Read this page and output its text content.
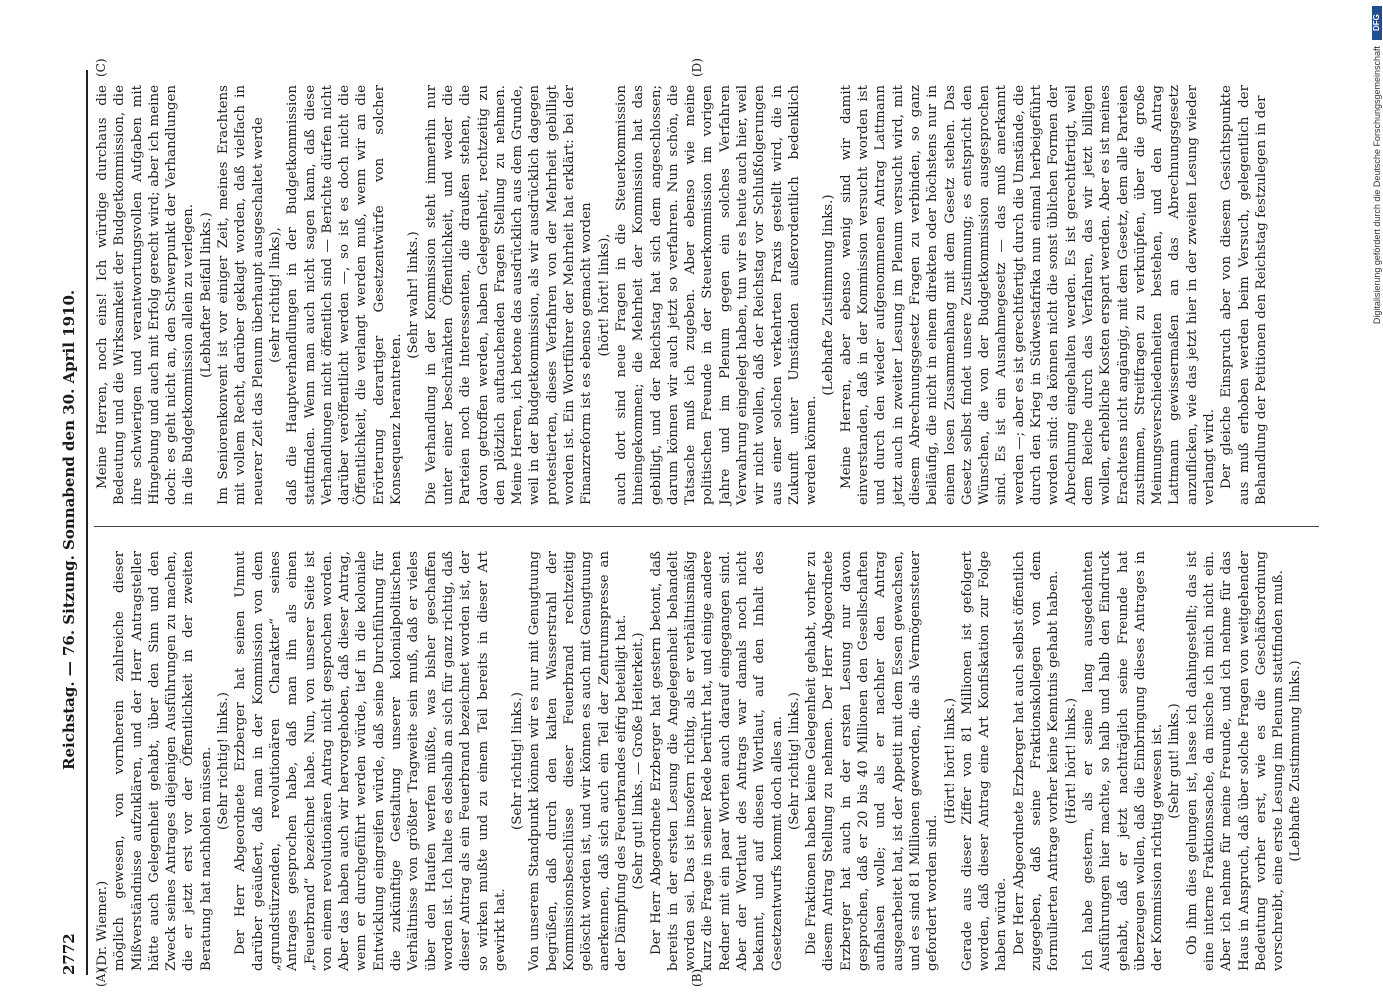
DFG
Digitalisierung gefördert durch die Deutsche Forschungsgemeinschaft
2772
Reichstag. — 76. Sitzung. Sonnabend den 30. April 1910.

(Dr. Wiemer.) möglich gewesen, von vornherein zahlreiche dieser Mißverständnisse aufzuklären, und der Herr Antragsteller hätte auch Gelegenheit gehabt, über den Sinn und den Zweck seines Antrages diejenigen Ausführungen zu machen, die er jetzt erst vor der Öffentlichkeit in der zweiten Beratung hat nachholen müssen. (Sehr richtig! links.) Der Herr Abgeordnete Erzberger hat seinen Unmut darüber geäußert, daß man in der Kommission von dem „grundstürzenden, revolutionären Charakter“ seines Antrages gesprochen habe, daß man ihn als einen „Feuerbrand“ bezeichnet habe. Nun, von unserer Seite ist von einem revolutionären Antrag nicht gesprochen worden. Aber das haben auch wir hervorgehoben, daß dieser Antrag, wenn er durchgeführt werden würde, tief in die koloniale Entwicklung eingreifen würde, daß seine Durchführung für die zukünftige Gestaltung unserer kolonialpolitischen Verhältnisse von größter Tragweite sein muß, daß er vieles über den Haufen werfen müßte, was bisher geschaffen worden ist. Ich halte es deshalb an sich für ganz richtig, daß dieser Antrag als ein Feuerbrand bezeichnet worden ist, der so wirken mußte und zu einem Teil bereits in dieser Art gewirkt hat.

(Sehr richtig! links.) Von unserem Standpunkt können wir es nur mit Genugtuung begrüßen, daß durch den kalten Wasserstrahl der Kommissionsbeschlüsse dieser Feuerbrand rechtzeitig gelöscht worden ist, und wir können es auch mit Genugtuung anerkennen, daß sich auch ein Teil der Zentrumspresse an der Dämpfung des Feuerbrandes eifrig beteiligt hat. (Sehr gut! links. — Große Heiterkeit.) Der Herr Abgeordnete Erzberger hat gestern betont, daß bereits in der ersten Lesung die Angelegenheit behandelt worden sei. Das ist insofern richtig, als er verhältnismäßig kurz die Frage in seiner Rede berührt hat, und einige andere Redner mit ein paar Worten auch darauf eingegangen sind. Aber der Wortlaut des Antrags war damals noch nicht bekannt, und auf diesen Wortlaut, auf den Inhalt des Gesetzentwurfs kommt doch alles an. (Sehr richtig! links.) Die Fraktionen haben keine Gelegenheit gehabt, vorher zu diesem Antrag Stellung zu nehmen. Der Herr Abgeordnete Erzberger hat auch in der ersten Lesung nur davon gesprochen, daß er 20 bis 40 Millionen den Gesellschaften aufhalsen wolle; und als er nachher den Antrag ausgearbeitet hat, ist der Appetit mit dem Essen gewachsen, und es sind 81 Millionen geworden, die als Vermögenssteuer gefordert worden sind.

(Hört! hört! links.) Gerade aus dieser Ziffer von 81 Millionen ist gefolgert worden, daß dieser Antrag eine Art Konfiskation zur Folge haben würde. Der Herr Abgeordnete Erzberger hat auch selbst öffentlich zugegeben, daß seine Fraktionskollegen von dem formulierten Antrage vorher keine Kenntnis gehabt haben. (Hört! hört! links.) Ich habe gestern, als er seine lang ausgedehnten Ausführungen hier machte, so halb und halb den Eindruck gehabt, daß er jetzt nachträglich seine Freunde hat überzeugen wollen, daß die Einbringung dieses Antrages in der Kommission richtig gewesen ist. (Sehr gut! links.) Ob ihm dies gelungen ist, lasse ich dahingestellt; das ist eine interne Fraktionssache, da mische ich mich nicht ein. Aber ich nehme für meine Freunde, und ich nehme für das Haus in Anspruch, daß über solche Fragen von weitgehender Bedeutung vorher erst, wie es die Geschäftsordnung vorschreibt, eine erste Lesung im Plenum stattfinden muß. (Lebhafte Zustimmung links.)

Meine Herren, noch eins! Ich würdige durchaus die Bedeutung und die Wirksamkeit der Budgetkommission, die ihre schwierigen und verantwortungsvollen Aufgaben mit Hingebung und auch mit Erfolg gerecht wird; aber ich meine doch: es geht nicht an, den Schwerpunkt der Verhandlungen in die Budgetkommission allein zu verlegen. (Lebhafter Beifall links.) Im Seniorenkonvent ist vor einiger Zeit, meines Erachtens mit vollem Recht, darüber geklagt worden, daß vielfach in neuerer Zeit das Plenum überhaupt ausgeschaltet werde (sehr richtig! links), daß die Hauptverhandlungen in der Budgetkommission stattfinden. Wenn man auch nicht sagen kann, daß diese Verhandlungen nicht öffentlich sind — Berichte dürfen nicht darüber veröffentlicht werden —, so ist es doch nicht die Öffentlichkeit, die verlangt werden muß, wenn wir an die Erörterung derartiger Gesetzentwürfe von solcher Konsequenz herantreten.

(Sehr wahr! links.) Die Verhandlung in der Kommission steht immerhin nur unter einer beschränkten Öffentlichkeit, und weder die Parteien noch die Interessenten, die draußen stehen, die davon getroffen werden, haben Gelegenheit, rechtzeitig zu den plötzlich auftauchenden Fragen Stellung zu nehmen. Meine Herren, ich betone das ausdrücklich aus dem Grunde, weil in der Budgetkommission, als wir ausdrücklich dagegen protestierten, dieses Verfahren von der Mehrheit gebilligt worden ist. Ein Wortführer der Mehrheit hat erklärt: bei der Finanzreform ist es ebenso gemacht worden (hört! hört! links), auch dort sind neue Fragen in die Steuerkommission hineingekommen; die Mehrheit der Kommission hat das gebilligt, und der Reichstag hat sich dem angeschlossen; darum können wir auch jetzt so verfahren. Nun schön, die Tatsache muß ich zugeben. Aber ebenso wie meine politischen Freunde in der Steuerkommission im vorigen Jahre und im Plenum gegen ein solches Verfahren Verwahrung eingelegt haben, tun wir es heute auch hier, weil wir nicht wollen, daß der Reichstag vor Schlußfolgerungen aus einer solchen verkehrten Praxis gestellt wird, die in Zukunft unter Umständen außerordentlich bedenklich werden können.

(Lebhafte Zustimmung links.) Meine Herren, aber ebenso wenig sind wir damit einverstanden, daß in der Kommission versucht worden ist und durch den wieder aufgenommenen Antrag Lattmann jetzt auch in zweiter Lesung im Plenum versucht wird, mit diesem Abrechnungsgesetz Fragen zu verbinden, so ganz beiläufig, die nicht in einem direkten oder höchstens nur in einem losen Zusammenhang mit dem Gesetz stehen. Das Gesetz selbst findet unsere Zustimmung; es entspricht den Wünschen, die von der Budgetkommission ausgesprochen sind. Es ist ein Ausnahmegesetz — das muß anerkannt werden —; aber es ist gerechtfertigt durch die Umstände, die durch den Krieg in Südwestafrika nun einmal herbeigeführt worden sind: da können nicht die sonst üblichen Formen der Abrechnung eingehalten werden. Es ist gerechtfertigt, weil dem Reiche durch das Verfahren, das wir jetzt billigen wollen, erhebliche Kosten erspart werden. Aber es ist meines Erachtens nicht angängig, mit dem Gesetz, dem alle Parteien zustimmen, Streitfragen zu verknüpfen, über die große Meinungsverschiedenheiten bestehen, und den Antrag Lattmann gewissermaßen an das Abrechnungsgesetz anzuflicken, wie das jetzt hier in der zweiten Lesung wieder verlangt wird. Der gleiche Einspruch aber von diesem Gesichtspunkte aus muß erhoben werden beim Versuch, gelegentlich der Behandlung der Petitionen den Reichstag festzulegen in der

(A)	(B)
(C)	(D)
